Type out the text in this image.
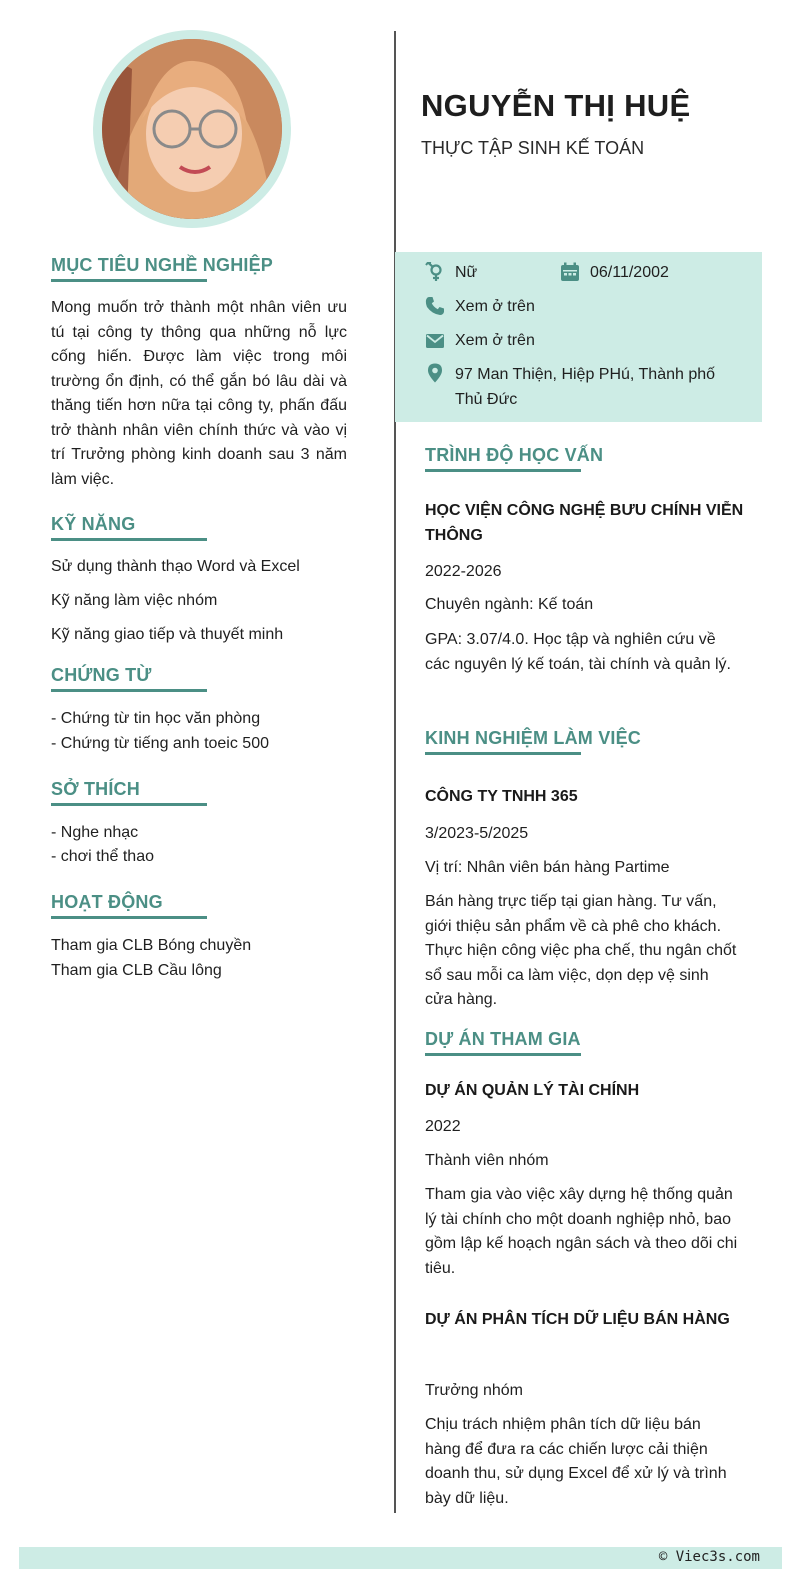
MỤC TIÊU NGHỀ NGHIỆP
Mong muốn trở thành một nhân viên ưu tú tại công ty thông qua những nỗ lực cống hiến. Được làm việc trong môi trường ổn định, có thể gắn bó lâu dài và thăng tiến hơn nữa tại công ty, phấn đấu trở thành nhân viên chính thức và vào vị trí Trưởng phòng kinh doanh sau 3 năm làm việc.
KỸ NĂNG
Sử dụng thành thạo Word và Excel
Kỹ năng làm việc nhóm
Kỹ năng giao tiếp và thuyết minh
CHỨNG TỪ
- Chứng từ tin học văn phòng
- Chứng từ tiếng anh toeic 500
SỞ THÍCH
- Nghe nhạc
- chơi thể thao
HOẠT ĐỘNG
Tham gia CLB Bóng chuyền
Tham gia CLB Cầu lông
NGUYỄN THỊ HUỆ
THỰC TẬP SINH KẾ TOÁN
Nữ	06/11/2002
Xem ở trên
Xem ở trên
97 Man Thiện, Hiệp PHú, Thành phố
Thủ Đức
TRÌNH ĐỘ HỌC VẤN
HỌC VIỆN CÔNG NGHỆ BƯU CHÍNH VIỄN THÔNG
2022-2026
Chuyên ngành: Kế toán
GPA: 3.07/4.0. Học tập và nghiên cứu về các nguyên lý kế toán, tài chính và quản lý.
KINH NGHIỆM LÀM VIỆC
CÔNG TY TNHH 365
3/2023-5/2025
Vị trí: Nhân viên bán hàng Partime
Bán hàng trực tiếp tại gian hàng. Tư vấn, giới thiệu sản phẩm về cà phê cho khách. Thực hiện công việc pha chế, thu ngân chốt sổ sau mỗi ca làm việc, dọn dẹp vệ sinh cửa hàng.
DỰ ÁN THAM GIA
DỰ ÁN QUẢN LÝ TÀI CHÍNH
2022
Thành viên nhóm
Tham gia vào việc xây dựng hệ thống quản lý tài chính cho một doanh nghiệp nhỏ, bao gồm lập kế hoạch ngân sách và theo dõi chi tiêu.
DỰ ÁN PHÂN TÍCH DỮ LIỆU BÁN HÀNG
Trưởng nhóm
Chịu trách nhiệm phân tích dữ liệu bán hàng để đưa ra các chiến lược cải thiện doanh thu, sử dụng Excel để xử lý và trình bày dữ liệu.
© Viec3s.com
